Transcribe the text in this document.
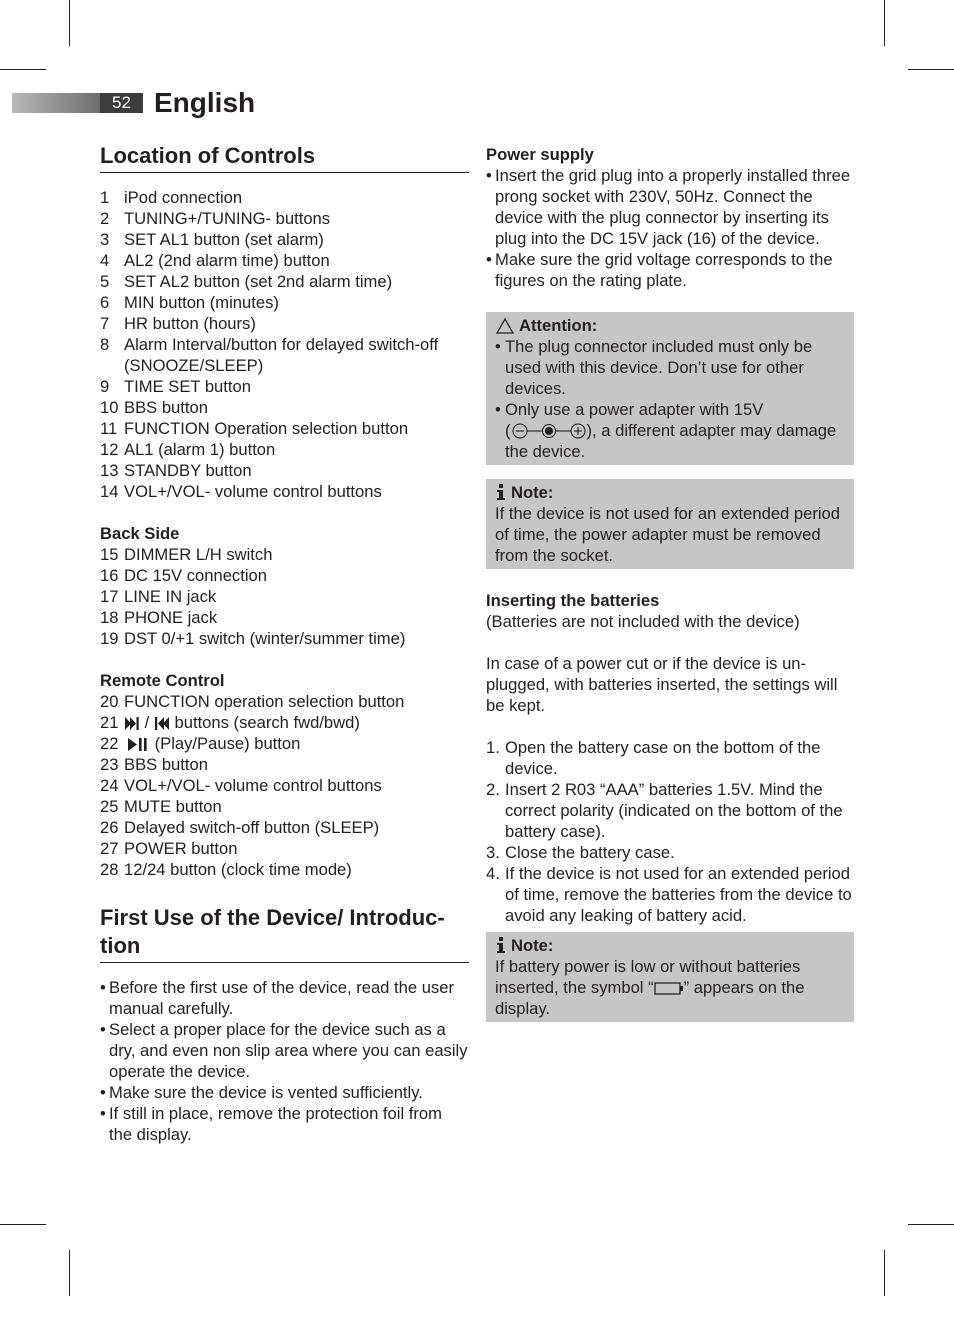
52 English
Location of Controls
1 iPod connection
2 TUNING+/TUNING- buttons
3 SET AL1 button (set alarm)
4 AL2 (2nd alarm time) button
5 SET AL2 button (set 2nd alarm time)
6 MIN button (minutes)
7 HR button (hours)
8 Alarm Interval/button for delayed switch-off (SNOOZE/SLEEP)
9 TIME SET button
10 BBS button
11 FUNCTION Operation selection button
12 AL1 (alarm 1) button
13 STANDBY button
14 VOL+/VOL- volume control buttons
Back Side
15 DIMMER L/H switch
16 DC 15V connection
17 LINE IN jack
18 PHONE jack
19 DST 0/+1 switch (winter/summer time)
Remote Control
20 FUNCTION operation selection button
21	/ buttons (search fwd/bwd)
22	(Play/Pause) button
23 BBS button
24 VOL+/VOL- volume control buttons
25 MUTE button
26 Delayed switch-off button (SLEEP)
27 POWER button
28 12/24 button (clock time mode)
First Use of the Device/ Introduc-tion
• Before the first use of the device, read the user manual carefully.
• Select a proper place for the device such as a dry, and even non slip area where you can easily operate the device.
• Make sure the device is vented sufficiently.
• If still in place, remove the protection foil from the display.
Power supply
• Insert the grid plug into a properly installed three prong socket with 230V, 50Hz. Connect the device with the plug connector by inserting its plug into the DC 15V jack (16) of the device.
• Make sure the grid voltage corresponds to the figures on the rating plate.
Attention:
• The plug connector included must only be used with this device. Don’t use for other devices.
• Only use a power adapter with 15V
(	), a different adapter may damage the device.
Note:
If the device is not used for an extended period of time, the power adapter must be removed from the socket.
Inserting the batteries
(Batteries are not included with the device)
In case of a power cut or if the device is un-plugged, with batteries inserted, the settings will be kept.
1. Open the battery case on the bottom of the device.
2. Insert 2 R03 “AAA” batteries 1.5V. Mind the correct polarity (indicated on the bottom of the battery case).
3. Close the battery case.
4. If the device is not used for an extended period of time, remove the batteries from the device to avoid any leaking of battery acid.
Note:
If battery power is low or without batteries inserted, the symbol “ ” appears on the display.
